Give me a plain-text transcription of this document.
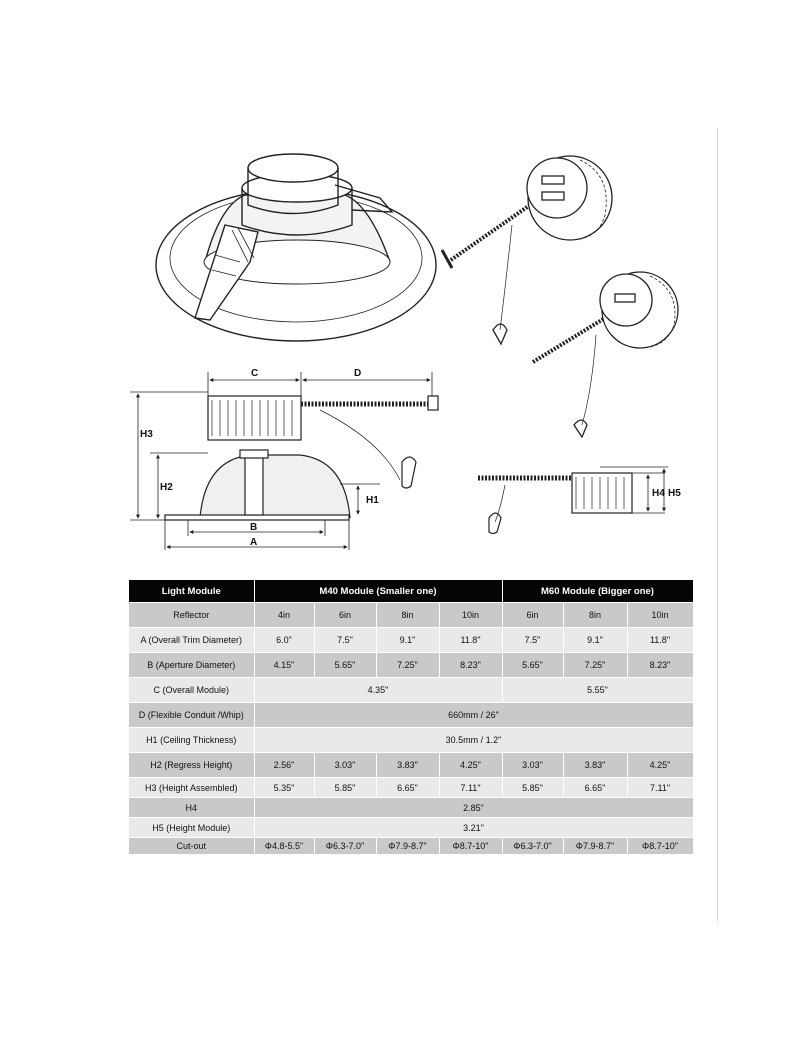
C	D
H3
H2
H1
B
A
H4 H5
Light Module	M40 Module (Smaller one)				M60 Module (Bigger one)		
Reflector	4in	6in	8in	10in	6in	8in	10in
A (Overall Trim Diameter)	6.0"	7.5"	9.1"	11.8"	7.5"	9.1"	11.8"
B (Aperture Diameter)	4.15"	5.65"	7.25"	8.23"	5.65"	7.25"	8.23"
C (Overall Module)	4.35"				5.55"		
D (Flexible Conduit /Whip)	660mm / 26"						
H1 (Ceiling Thickness)	30.5mm / 1.2"						
H2 (Regress Height)	2.56"	3.03"	3.83"	4.25"	3.03"	3.83"	4.25"
H3 (Height Assembled)	5.35"	5.85"	6.65"	7.11"	5.85"	6.65"	7.11"
H4	2.85"						
H5 (Height Module)	3.21"						
Cut-out	Φ4.8-5.5"	Φ6.3-7.0"	Φ7.9-8.7"	Φ8.7-10"	Φ6.3-7.0"	Φ7.9-8.7"	Φ8.7-10"
